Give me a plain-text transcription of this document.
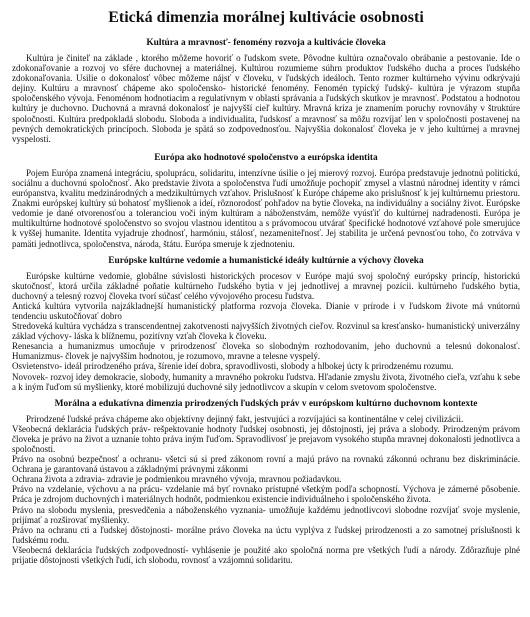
Etická dimenzia morálnej kultivácie osobnosti
Kultúra a mravnosť- fenomény rozvoja a kultivácie človeka

Kultúra je činiteľ na základe , ktorého môžeme hovoriť o ľudskom svete. Pôvodne kultúra označovalo obrábanie a pestovanie. Ide o zdokonaľovanie a rozvoj vo sfére duchovnej a materiálnej. Kultúrou rozumieme súhrn produktov ľudského ducha a proces ľudského zdokonaľovania. Usilie o dokonalosť vôbec môžeme nájsť v človeku, v ľudských ideáloch. Tento rozmer kultúrneho vývinu odkrývajú dejiny. Kultúru a mravnosť chápeme ako spoločensko- historické fenomény. Fenomén typický ľudský- kultúra je výrazom stupňa spoločenského vývoja. Fenoménom hodnotiacim a regulatívnym v oblasti správania a ľudských skutkov je mravnosť. Podstatou a hodnotou kultúry je duchovno. Duchovná a mravná dokonalosť je najvyšší cieľ kultúry. Mravná kríza je znamením poruchy rovnováhy v štruktúre spoločnosti. Kultúra predpokladá slobodu. Sloboda a individualita, ľudskosť a mravnosť sa môžu rozvíjať len v spoločnosti postavenej na pevných demokratických princípoch. Sloboda je spätá so zodpovednosťou. Najvyššia dokonalosť človeka je v jeho kultúrnej a mravnej vyspelosti.

Európa ako hodnotové spoločenstvo a európska identita

Pojem Európa znamená integráciu, spoluprácu, solidaritu, intenzívne úsilie o jej mierový rozvoj. Európa predstavuje jednotnú politickú, sociálnu a duchovnú spoločnosť. Ako predstavie života a spoločenstva ľudí umožňuje pochopiť zmysel a vlastnú národnej identity v rámci európanstva, kvalitu medzinárodných a medzikultúrnych vzťahov. Prislušnosť k Európe chápeme ako prislušnosť k jej kultúrnemu priestoru. Znakmi európskej kultúry sú bohatosť myšlienok a ideí, rôznorodosť pohľadov na bytie človeka, na individuálny a sociálny život. Európske vedomie je dané otvorenosťou a toleranciou voči iným kultúram a náboženstvám, nemôže vyúsťiť do kultúrnej nadradenosti. Európa je multikultúrne hodnotové spoločenstvo so svojou vlastnou identitou a s právomocou utvárať špecifické hodnotové vzťahové pole smerujúce k vyššej humanite. Identita vyjadruje zhodnosť, harmóniu, stálosť, nezameniteľnosť. Jej stabilita je určená pevnosťou toho, čo zotrváva v pamäti jednotlivca, spoločenstva, národa, štátu. Európa smeruje k zjednoteniu.

Európske kultúrne vedomie a humanistické ideály kultúrnie a výchovy človeka

Európske kultúrne vedomie, globálne súvislosti historických procesov v Európe majú svoj spoločný európsky princíp, historickú skutočnosť, ktorá určila základné poňatie kultúrneho ľudského bytia v jej jednotlivej a mravnej pozícii. kultúrneho ľudského bytia, duchovný a telesný rozvoj človeka tvorí súčasť celého vývojového procesu ľudstva.

Antická kultúra vytvorila najzákladnejší humanistický platforma rozvoja človeka. Dianie v prírode i v ľudskom živote má vnútornú tendenciu uskutočňovať dobro

Stredoveká kultúra vychádza s transcendentnej zakotvenosti najvyšších životných cieľov. Rozvinul sa kresťansko- humanistický univerzálny základ výchovy- láska k blížnemu, pozitívny vzťah človeka k človeku.

Renesancia a humanizmus umocňuje v prirodzenosť človeka so slobodným rozhodovaním, jeho duchovnú a telesnú dokonalosť. Humanizmus- človek je najvyšším hodnotou, je rozumovo, mravne a telesne vyspelý.

Osvietenstvo- ideál prirodzeného práva, šírenie ideí dobra, spravodlivosti, slobody a hlbokej úcty k prirodzenému rozumu.

Novovek- rozvoj idey demokracie, slobody, humanity a mravného pokroku ľudstva. Hľadanie zmyslu života, životného cieľa, vzťahu k sebe a k iným ľuďom sú myšlienky, ktoré mobilizujú duchovné sily jednotlivcov a skupín v celom svetovom spoločenstve.

Morálna a edukatívna dimenzia prirodzených ľudských práv v európskom kultúrno duchovnom kontexte

Prirodzené ľudské práva chápeme ako objektívny dejinný fakt, jestvujúci a rozvíjajúci sa kontinentálne v celej civilizácii.

Všeobecná deklarácia ľudských práv- rešpektovanie hodnoty ľudskej osobnosti, jej dôstojnosti, jej práva a slobody. Prirodzeným právom človeka je právo na život a uznanie tohto práva iným ľuďom. Spravodlivosť je prejavom vysokého stupňa mravnej dokonalosti jednotlivca a spoločnosti.

Právo na osobnú bezpečnosť a ochranu- všetci sú si pred zákonom rovní a majú právo na rovnakú zákonnú ochranu bez diskriminácie. Ochrana je garantovaná ústavou a základnými právnymi zákonmi

Ochrana života a zdravia- zdravie je podmienkou mravného vývoja, mravnou požiadavkou.

Právo na vzdelanie, výchovu a na prácu- vzdelanie má byť rovnako prístupné všetkým podľa schopností. Výchova je zámerné pôsobenie. Práca je zdrojom duchovných i materiálnych hodnôt, podmienkou existencie individuálneho i spoločenského života.

Právo na slobodu myslenia, presvedčenia a náboženského vyznania- umožňuje každému jednotlivcovi slobodne rozvíjať svoje myslenie, prijímať a rozširovať myšlienky.

Právo na ochranu cti a ľudskej dôstojnosti- morálne právo človeka na úctu vyplýva z ľudskej prirodzenosti a zo samotnej príslušnosti k ľudskému rodu.

Všeobecná deklarácia ľudských zodpovedností- vyhlásenie je použité ako spoločná norma pre všetkých ľudí a národy. Zdôrazňuje plné prijatie dôstojnosti všetkých ľudí, ich slobodu, rovnosť a vzájomnú solidaritu.
